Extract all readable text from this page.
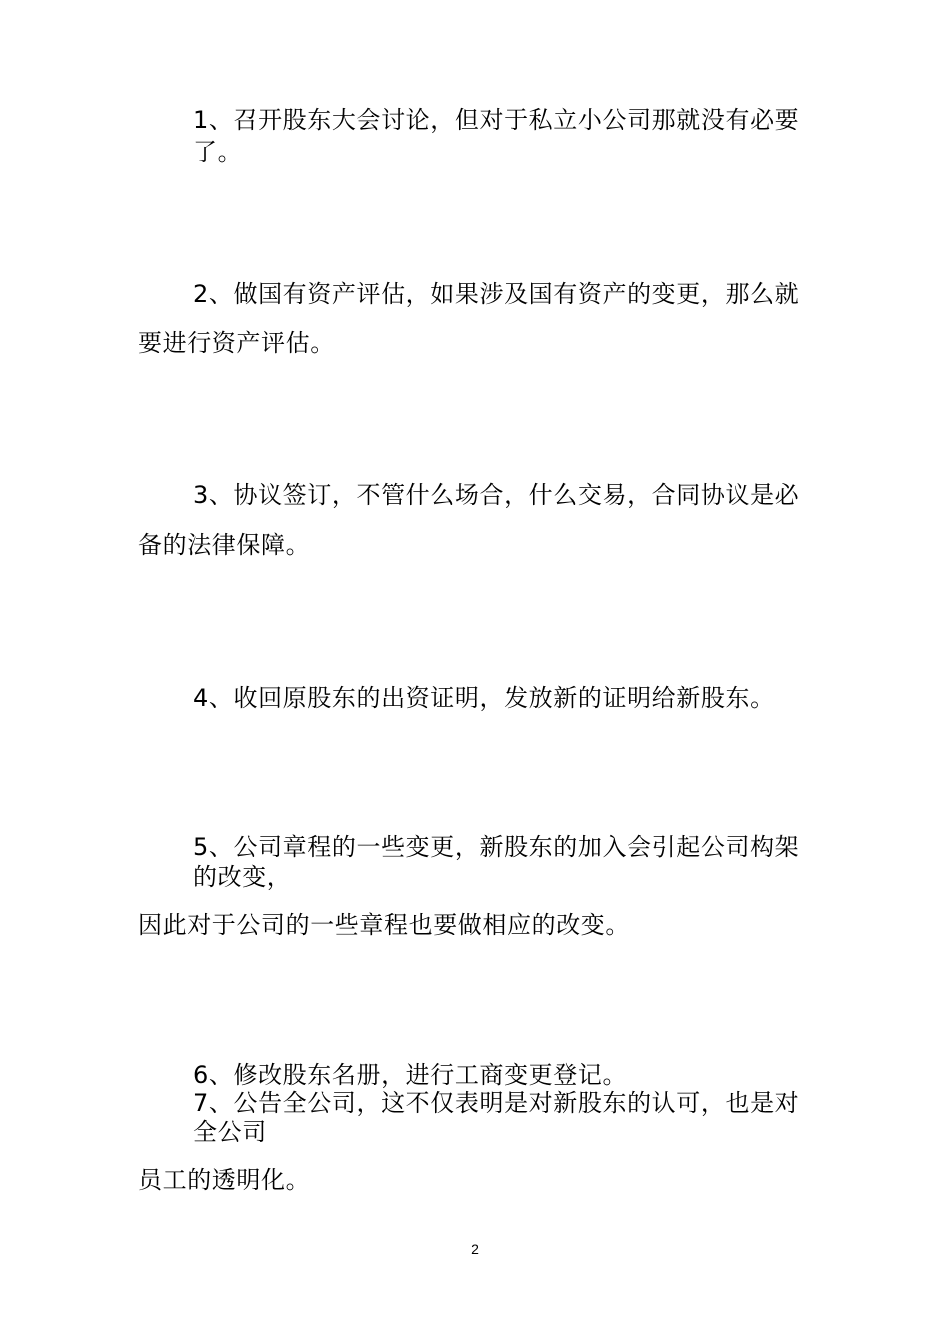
1、召开股东大会讨论，但对于私立小公司那就没有必要
了。
2、做国有资产评估，如果涉及国有资产的变更，那么就
要进行资产评估。
3、协议签订，不管什么场合，什么交易，合同协议是必
备的法律保障。
4、收回原股东的出资证明，发放新的证明给新股东。
5、公司章程的一些变更，新股东的加入会引起公司构架
的改变，
因此对于公司的一些章程也要做相应的改变。
6、修改股东名册，进行工商变更登记。
7、公告全公司，这不仅表明是对新股东的认可，也是对
全公司
员工的透明化。
2
